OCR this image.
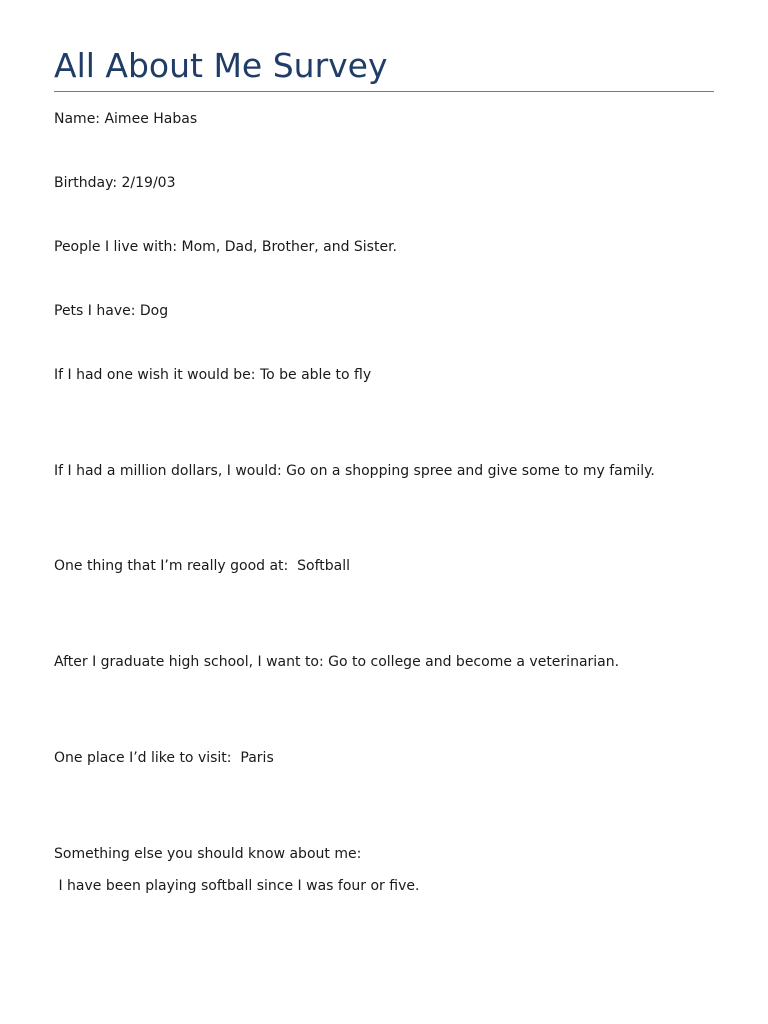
All About Me Survey

Name: Aimee Habas

Birthday: 2/19/03

People I live with: Mom, Dad, Brother, and Sister.

Pets I have: Dog

If I had one wish it would be: To be able to fly

If I had a million dollars, I would: Go on a shopping spree and give some to my family.

One thing that I’m really good at:  Softball

After I graduate high school, I want to: Go to college and become a veterinarian.

One place I’d like to visit:  Paris

Something else you should know about me:

I have been playing softball since I was four or five.
